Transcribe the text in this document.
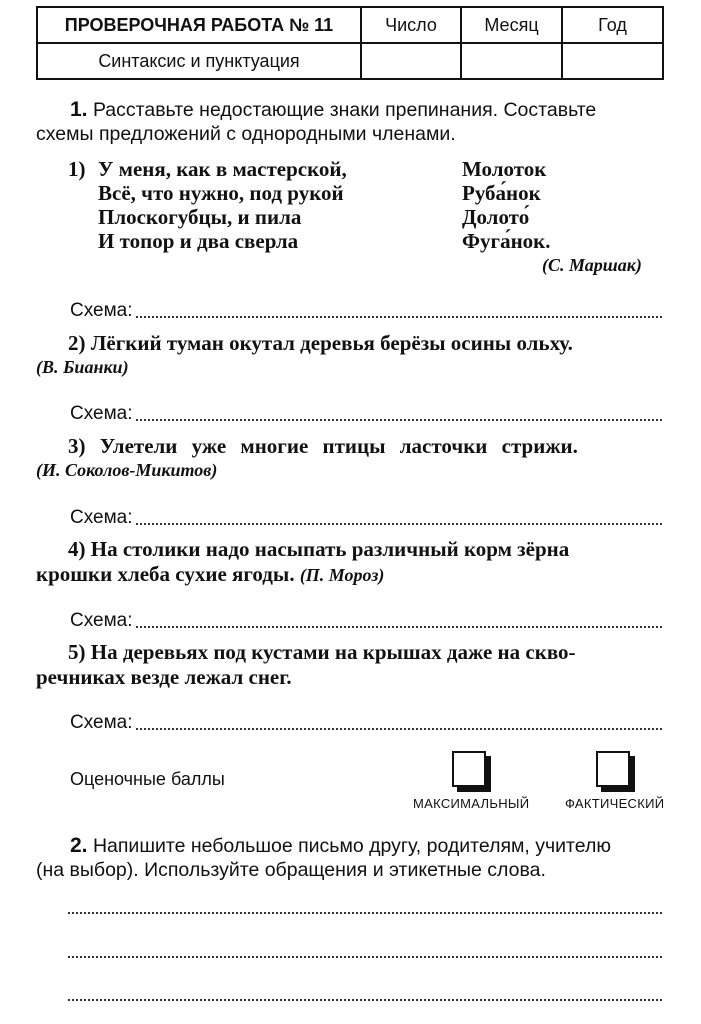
ПРОВЕРОЧНАЯ РАБОТА № 11	Число	Месяц	Год
Синтаксис и пунктуация			
1. Расставьте недостающие знаки препинания. Составьте
схемы предложений с однородными членами.
1) У меня, как в мастерской,
Всё, что нужно, под рукой
Плоскогубцы, и пила
И топор и два сверла
Молоток
Руба́нок
Долото́
Фуга́нок.
(С. Маршак)
Схема:
2) Лёгкий туман окутал деревья берёзы осины ольху.
(В. Бианки)
Схема:
3) Улетели уже многие птицы ласточки стрижи.
(И. Соколов-Микитов)
Схема:
4) На столики надо насыпать различный корм зёрна
крошки хлеба сухие ягоды. (П. Мороз)
Схема:
5) На деревьях под кустами на крышах даже на скво-
речниках везде лежал снег.
Схема:
Оценочные баллы
МАКСИМАЛЬНЫЙ	ФАКТИЧЕСКИЙ
2. Напишите небольшое письмо другу, родителям, учителю
(на выбор). Используйте обращения и этикетные слова.
